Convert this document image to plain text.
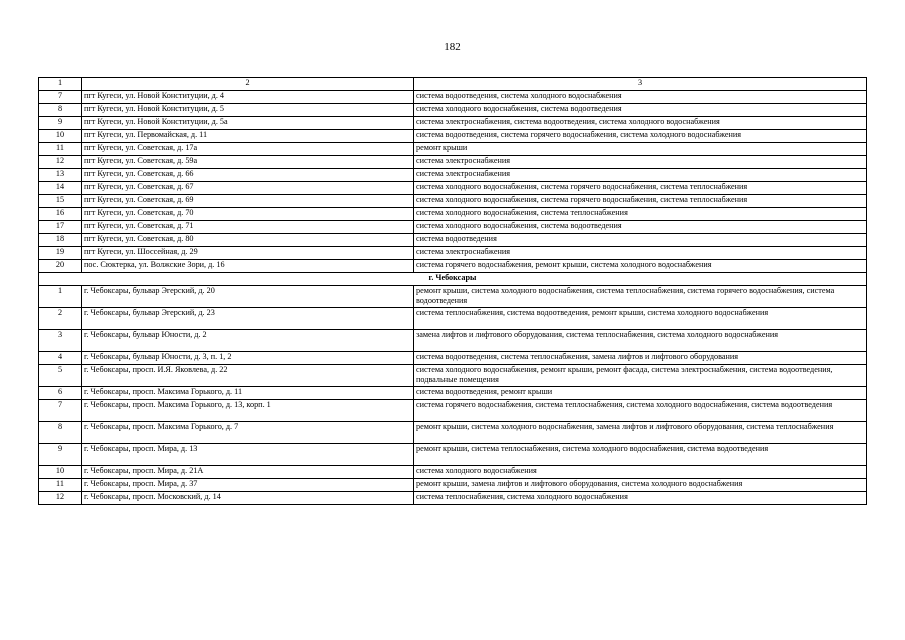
182
1	2	3
7	пгт Кугеси, ул. Новой Конституции, д. 4	система водоотведения, система холодного водоснабжения
8	пгт Кугеси, ул. Новой Конституции, д. 5	система холодного водоснабжения, система водоотведения
9	пгт Кугеси, ул. Новой Конституции, д. 5а	система электроснабжения, система водоотведения, система холодного водоснабжения
10	пгт Кугеси, ул. Первомайская, д. 11	система водоотведения, система горячего водоснабжения, система холодного водоснабжения
11	пгт Кугеси, ул. Советская, д. 17а	ремонт крыши
12	пгт Кугеси, ул. Советская, д. 59а	система электроснабжения
13	пгт Кугеси, ул. Советская, д. 66	система электроснабжения
14	пгт Кугеси, ул. Советская, д. 67	система холодного водоснабжения, система горячего водоснабжения, система теплоснабжения
15	пгт Кугеси, ул. Советская, д. 69	система холодного водоснабжения, система горячего водоснабжения, система теплоснабжения
16	пгт Кугеси, ул. Советская, д. 70	система холодного водоснабжения, система теплоснабжения
17	пгт Кугеси, ул. Советская, д. 71	система холодного водоснабжения, система водоотведения
18	пгт Кугеси, ул. Советская, д. 80	система водоотведения
19	пгт Кугеси, ул. Шоссейная, д. 29	система электроснабжения
20	пос. Сюктерка, ул. Волжские Зори, д. 16	система горячего водоснабжения, ремонт крыши, система холодного водоснабжения
г. Чебоксары		
1	г. Чебоксары, бульвар Эгерский, д. 20	ремонт крыши, система холодного водоснабжения, система теплоснабжения, система горячего водоснабжения, система водоотведения
2	г. Чебоксары, бульвар Эгерский, д. 23	система теплоснабжения, система водоотведения, ремонт крыши, система холодного водоснабжения
3	г. Чебоксары, бульвар Юности, д. 2	замена лифтов и лифтового оборудования, система теплоснабжения, система холодного водоснабжения
4	г. Чебоксары, бульвар Юности, д. 3, п. 1, 2	система водоотведения, система теплоснабжения, замена лифтов и лифтового оборудования
5	г. Чебоксары, просп. И.Я. Яковлева, д. 22	система холодного водоснабжения, ремонт крыши, ремонт фасада, система электроснабжения, система водоотведения, подвальные помещения
6	г. Чебоксары, просп. Максима Горького, д. 11	система водоотведения, ремонт крыши
7	г. Чебоксары, просп. Максима Горького, д. 13, корп. 1	система горячего водоснабжения, система теплоснабжения, система холодного водоснабжения, система водоотведения
8	г. Чебоксары, просп. Максима Горького, д. 7	ремонт крыши, система холодного водоснабжения, замена лифтов и лифтового оборудования, система теплоснабжения
9	г. Чебоксары, просп. Мира, д. 13	ремонт крыши, система теплоснабжения, система холодного водоснабжения, система водоотведения
10	г. Чебоксары, просп. Мира, д. 21А	система холодного водоснабжения
11	г. Чебоксары, просп. Мира, д. 37	ремонт крыши, замена лифтов и лифтового оборудования, система холодного водоснабжения
12	г. Чебоксары, просп. Московский, д. 14	система теплоснабжения, система холодного водоснабжения
